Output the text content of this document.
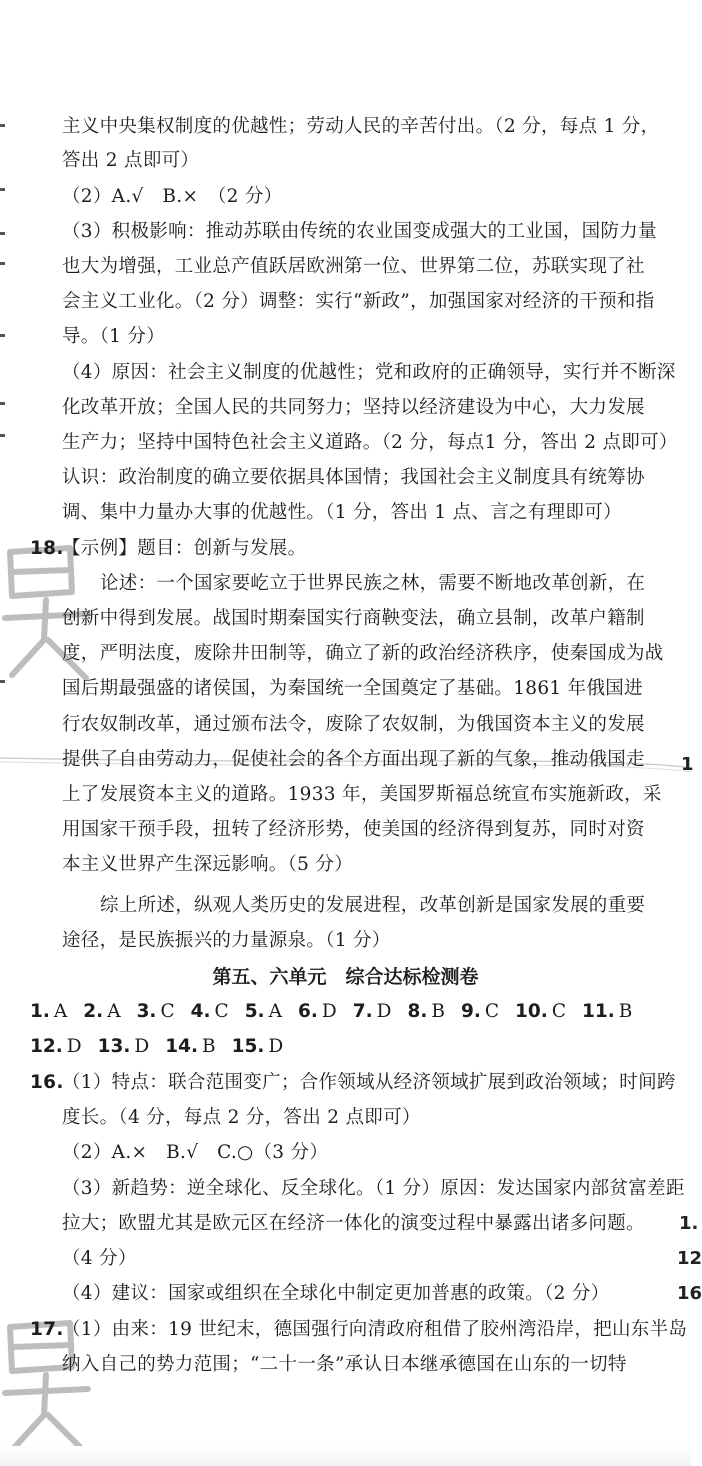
主义中央集权制度的优越性；劳动人民的辛苦付出。（2 分，每点 1 分，
答出 2 点即可）
（2）A.√　B.×　（2 分）
（3）积极影响：推动苏联由传统的农业国变成强大的工业国，国防力量
也大为增强，工业总产值跃居欧洲第一位、世界第二位，苏联实现了社
会主义工业化。（2 分）调整：实行“新政”，加强国家对经济的干预和指
导。（1 分）
（4）原因：社会主义制度的优越性；党和政府的正确领导，实行并不断深
化改革开放；全国人民的共同努力；坚持以经济建设为中心，大力发展
生产力；坚持中国特色社会主义道路。（2 分，每点1 分，答出 2 点即可）
认识：政治制度的确立要依据具体国情；我国社会主义制度具有统筹协
调、集中力量办大事的优越性。（1 分，答出 1 点、言之有理即可）
18.
【示例】题目：创新与发展。
论述：一个国家要屹立于世界民族之林，需要不断地改革创新，在
创新中得到发展。战国时期秦国实行商鞅变法，确立县制，改革户籍制
度，严明法度，废除井田制等，确立了新的政治经济秩序，使秦国成为战
国后期最强盛的诸侯国，为秦国统一全国奠定了基础。1861 年俄国进
行农奴制改革，通过颁布法令，废除了农奴制，为俄国资本主义的发展
提供了自由劳动力，促使社会的各个方面出现了新的气象，推动俄国走
上了发展资本主义的道路。1933 年，美国罗斯福总统宣布实施新政，采
用国家干预手段，扭转了经济形势，使美国的经济得到复苏，同时对资
本主义世界产生深远影响。（5 分）
综上所述，纵观人类历史的发展进程，改革创新是国家发展的重要
途径，是民族振兴的力量源泉。（1 分）
第五、六单元　综合达标检测卷
1. A 2. A 3. C 4. C 5. A 6. D 7. D 8. B 9. C 10. C 11. B
12. D 13. D 14. B 15. D
16.
（1）特点：联合范围变广；合作领域从经济领域扩展到政治领域；时间跨
度长。（4 分，每点 2 分，答出 2 点即可）
（2）A.×　B.√　C.○（3 分）
（3）新趋势：逆全球化、反全球化。（1 分）原因：发达国家内部贫富差距
拉大；欧盟尤其是欧元区在经济一体化的演变过程中暴露出诸多问题。
（4 分）
（4）建议：国家或组织在全球化中制定更加普惠的政策。（2 分）
17.
（1）由来：19 世纪末，德国强行向清政府租借了胶州湾沿岸，把山东半岛
纳入自己的势力范围；“二十一条”承认日本继承德国在山东的一切特
1
1.
12
16
